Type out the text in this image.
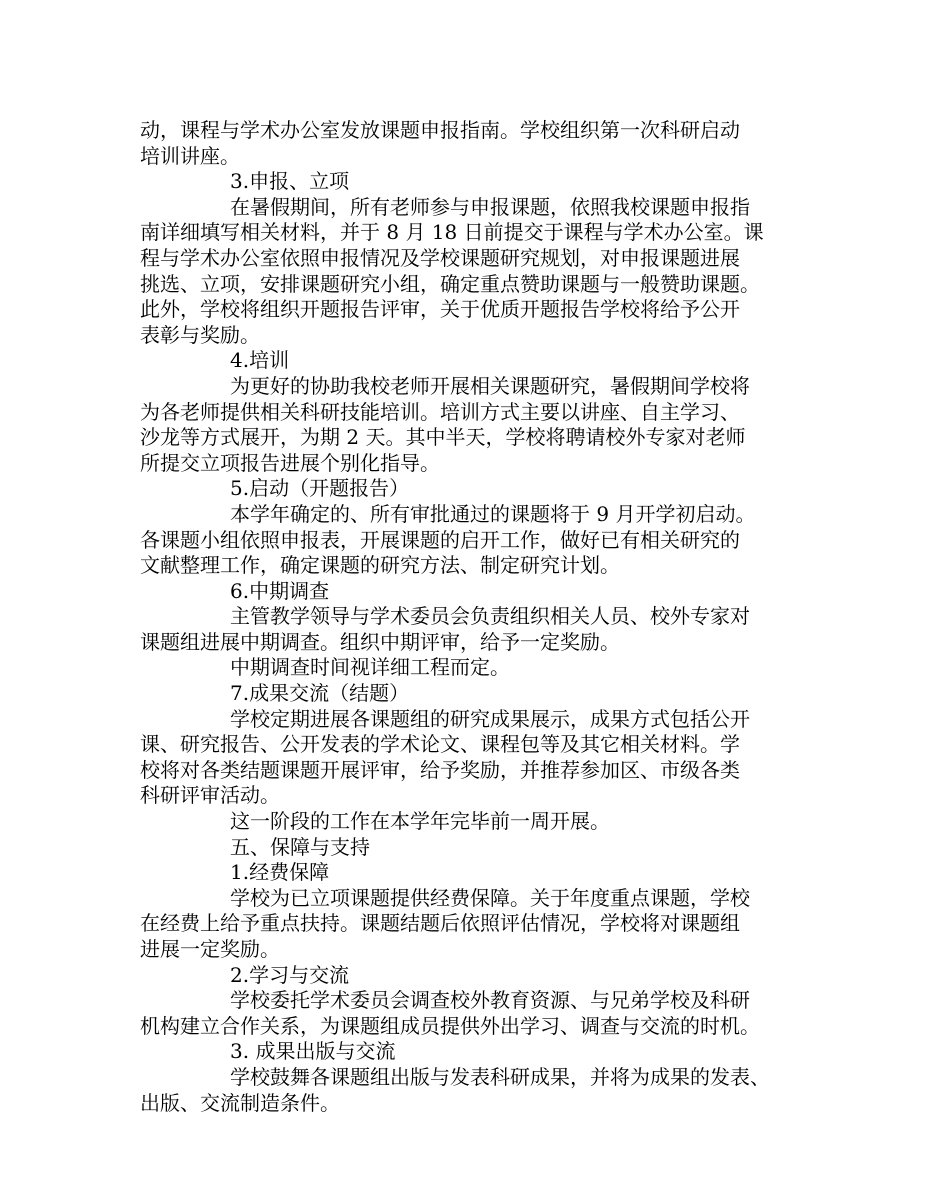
动，课程与学术办公室发放课题申报指南。学校组织第一次科研启动
培训讲座。
3.申报、立项
在暑假期间，所有老师参与申报课题，依照我校课题申报指
南详细填写相关材料，并于 8 月 18 日前提交于课程与学术办公室。课
程与学术办公室依照申报情况及学校课题研究规划，对申报课题进展
挑选、立项，安排课题研究小组，确定重点赞助课题与一般赞助课题。
此外，学校将组织开题报告评审，关于优质开题报告学校将给予公开
表彰与奖励。
4.培训
为更好的协助我校老师开展相关课题研究，暑假期间学校将
为各老师提供相关科研技能培训。培训方式主要以讲座、自主学习、
沙龙等方式展开，为期 2 天。其中半天，学校将聘请校外专家对老师
所提交立项报告进展个别化指导。
5.启动（开题报告）
本学年确定的、所有审批通过的课题将于 9 月开学初启动。
各课题小组依照申报表，开展课题的启开工作，做好已有相关研究的
文献整理工作，确定课题的研究方法、制定研究计划。
6.中期调查
主管教学领导与学术委员会负责组织相关人员、校外专家对
课题组进展中期调查。组织中期评审，给予一定奖励。
中期调查时间视详细工程而定。
7.成果交流（结题）
学校定期进展各课题组的研究成果展示，成果方式包括公开
课、研究报告、公开发表的学术论文、课程包等及其它相关材料。学
校将对各类结题课题开展评审，给予奖励，并推荐参加区、市级各类
科研评审活动。
这一阶段的工作在本学年完毕前一周开展。
五、保障与支持
1.经费保障
学校为已立项课题提供经费保障。关于年度重点课题，学校
在经费上给予重点扶持。课题结题后依照评估情况，学校将对课题组
进展一定奖励。
2.学习与交流
学校委托学术委员会调查校外教育资源、与兄弟学校及科研
机构建立合作关系，为课题组成员提供外出学习、调查与交流的时机。
3. 成果出版与交流
学校鼓舞各课题组出版与发表科研成果，并将为成果的发表、
出版、交流制造条件。
